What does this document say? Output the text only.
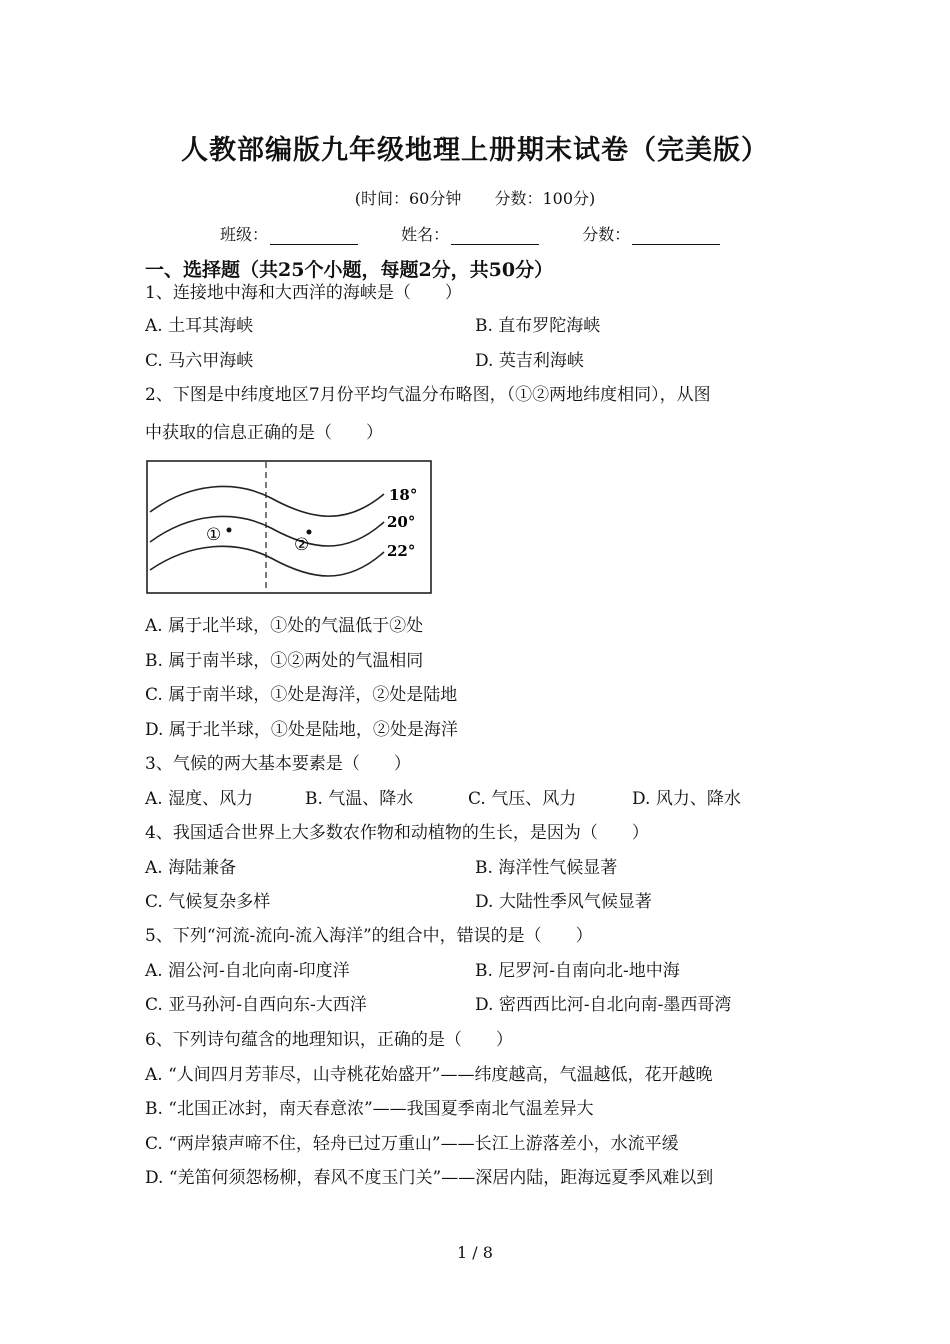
人教部编版九年级地理上册期末试卷（完美版）
(时间：60分钟 分数：100分)
班级：	姓名：	分数：
一、选择题（共25个小题，每题2分，共50分）
1、连接地中海和大西洋的海峡是（　　）
A. 土耳其海峡	B. 直布罗陀海峡
C. 马六甲海峡	D. 英吉利海峡
2、下图是中纬度地区7月份平均气温分布略图，（①②两地纬度相同），从图
中获取的信息正确的是（　　）
18°
20°
22°
①	②
A. 属于北半球，①处的气温低于②处
B. 属于南半球，①②两处的气温相同
C. 属于南半球，①处是海洋，②处是陆地
D. 属于北半球，①处是陆地，②处是海洋
3、气候的两大基本要素是（　　）
A. 湿度、风力	B. 气温、降水	C. 气压、风力	D. 风力、降水
4、我国适合世界上大多数农作物和动植物的生长，是因为（　　）
A. 海陆兼备	B. 海洋性气候显著
C. 气候复杂多样	D. 大陆性季风气候显著
5、下列“河流-流向-流入海洋”的组合中，错误的是（　　）
A. 湄公河-自北向南-印度洋	B. 尼罗河-自南向北-地中海
C. 亚马孙河-自西向东-大西洋	D. 密西西比河-自北向南-墨西哥湾
6、下列诗句蕴含的地理知识，正确的是（　　）
A. “人间四月芳菲尽，山寺桃花始盛开”——纬度越高，气温越低，花开越晚
B. “北国正冰封，南天春意浓”——我国夏季南北气温差异大
C. “两岸猿声啼不住，轻舟已过万重山”——长江上游落差小，水流平缓
D. “羌笛何须怨杨柳，春风不度玉门关”——深居内陆，距海远夏季风难以到
1 / 8
